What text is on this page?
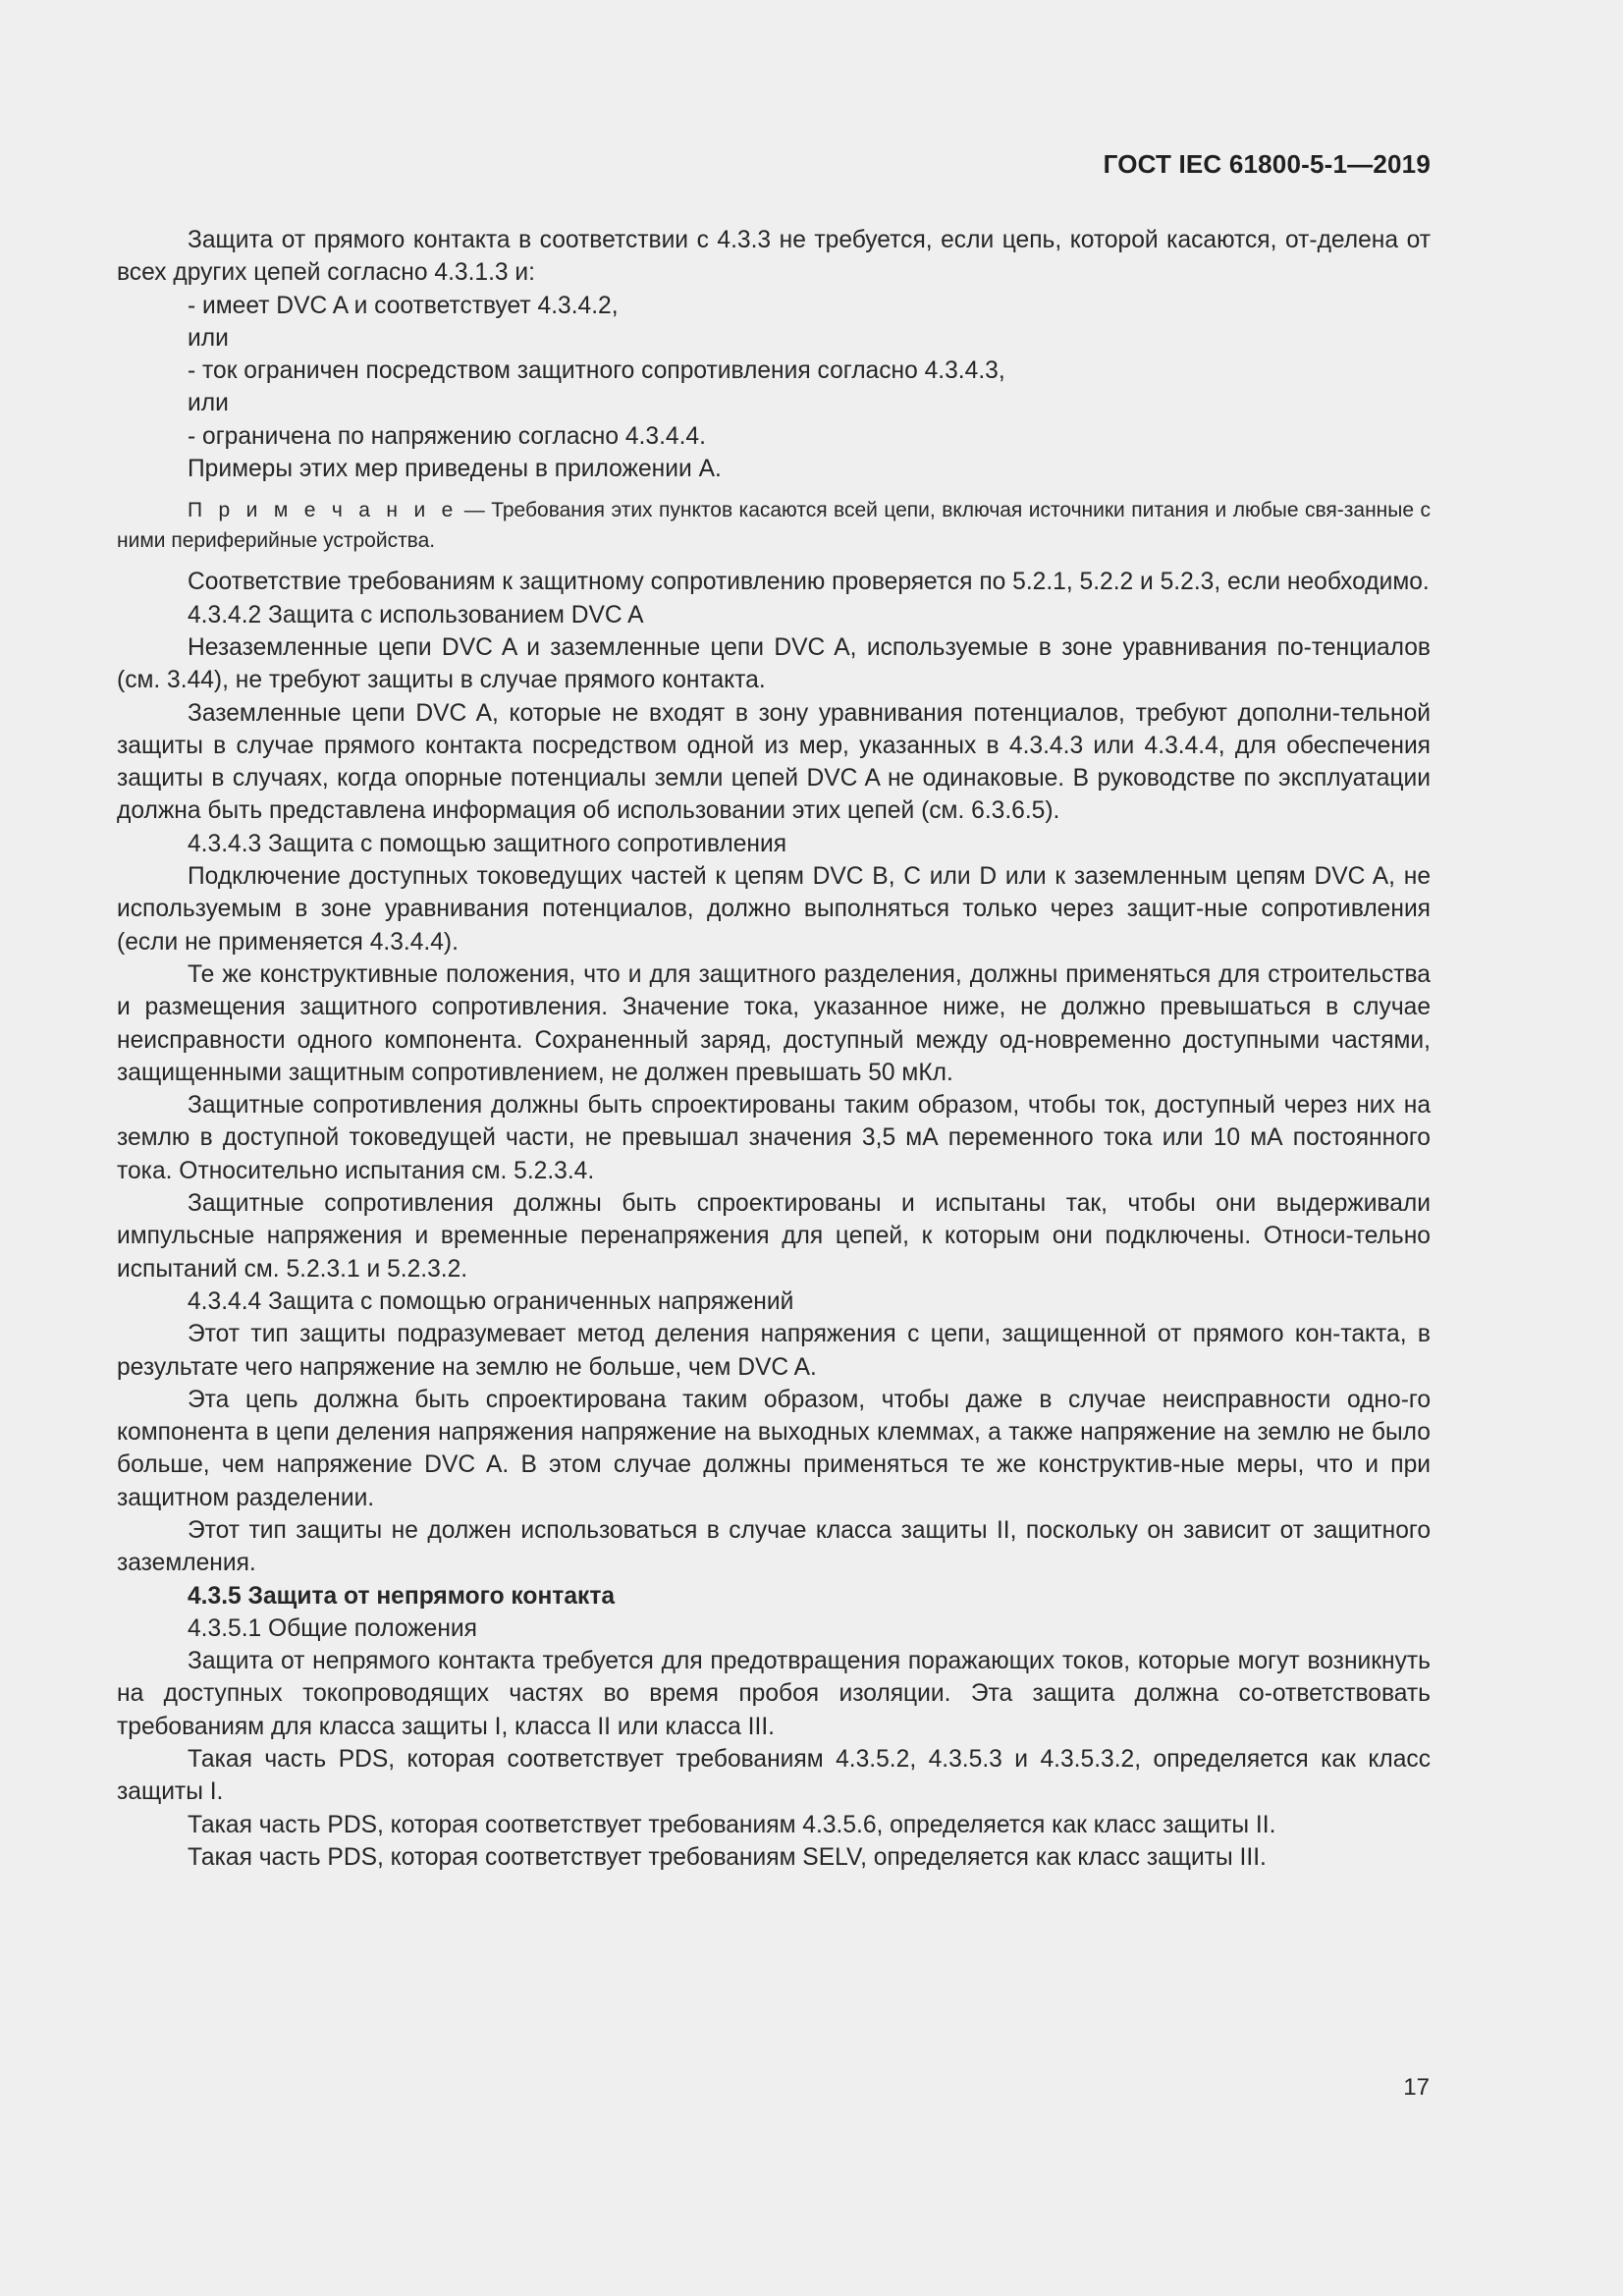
ГОСТ IEC 61800-5-1—2019

Защита от прямого контакта в соответствии с 4.3.3 не требуется, если цепь, которой касаются, от-делена от всех других цепей согласно 4.3.1.3 и:

- имеет DVC A и соответствует 4.3.4.2,

или

- ток ограничен посредством защитного сопротивления согласно 4.3.4.3,

или

- ограничена по напряжению согласно 4.3.4.4.

Примеры этих мер приведены в приложении А.

П р и м е ч а н и е — Требования этих пунктов касаются всей цепи, включая источники питания и любые свя-занные с ними периферийные устройства.

Соответствие требованиям к защитному сопротивлению проверяется по 5.2.1, 5.2.2 и 5.2.3, если необходимо.

4.3.4.2 Защита с использованием DVC A

Незаземленные цепи DVC A и заземленные цепи DVC A, используемые в зоне уравнивания по-тенциалов (см. 3.44), не требуют защиты в случае прямого контакта.

Заземленные цепи DVC A, которые не входят в зону уравнивания потенциалов, требуют дополни-тельной защиты в случае прямого контакта посредством одной из мер, указанных в 4.3.4.3 или 4.3.4.4, для обеспечения защиты в случаях, когда опорные потенциалы земли цепей DVC A не одинаковые. В руководстве по эксплуатации должна быть представлена информация об использовании этих цепей (см. 6.3.6.5).

4.3.4.3 Защита с помощью защитного сопротивления

Подключение доступных токоведущих частей к цепям DVC B, C или D или к заземленным цепям DVC A, не используемым в зоне уравнивания потенциалов, должно выполняться только через защит-ные сопротивления (если не применяется 4.3.4.4).

Те же конструктивные положения, что и для защитного разделения, должны применяться для строительства и размещения защитного сопротивления. Значение тока, указанное ниже, не должно превышаться в случае неисправности одного компонента. Сохраненный заряд, доступный между од-новременно доступными частями, защищенными защитным сопротивлением, не должен превышать 50 мКл.

Защитные сопротивления должны быть спроектированы таким образом, чтобы ток, доступный через них на землю в доступной токоведущей части, не превышал значения 3,5 мА переменного тока или 10 мА постоянного тока. Относительно испытания см. 5.2.3.4.

Защитные сопротивления должны быть спроектированы и испытаны так, чтобы они выдерживали импульсные напряжения и временные перенапряжения для цепей, к которым они подключены. Относи-тельно испытаний см. 5.2.3.1 и 5.2.3.2.

4.3.4.4 Защита с помощью ограниченных напряжений

Этот тип защиты подразумевает метод деления напряжения с цепи, защищенной от прямого кон-такта, в результате чего напряжение на землю не больше, чем DVC A.

Эта цепь должна быть спроектирована таким образом, чтобы даже в случае неисправности одно-го компонента в цепи деления напряжения напряжение на выходных клеммах, а также напряжение на землю не было больше, чем напряжение DVC A. В этом случае должны применяться те же конструктив-ные меры, что и при защитном разделении.

Этот тип защиты не должен использоваться в случае класса защиты II, поскольку он зависит от защитного заземления.

4.3.5 Защита от непрямого контакта

4.3.5.1 Общие положения

Защита от непрямого контакта требуется для предотвращения поражающих токов, которые могут возникнуть на доступных токопроводящих частях во время пробоя изоляции. Эта защита должна со-ответствовать требованиям для класса защиты I, класса II или класса III.

Такая часть PDS, которая соответствует требованиям 4.3.5.2, 4.3.5.3 и 4.3.5.3.2, определяется как класс защиты I.

Такая часть PDS, которая соответствует требованиям 4.3.5.6, определяется как класс защиты II.

Такая часть PDS, которая соответствует требованиям SELV, определяется как класс защиты III.

17
